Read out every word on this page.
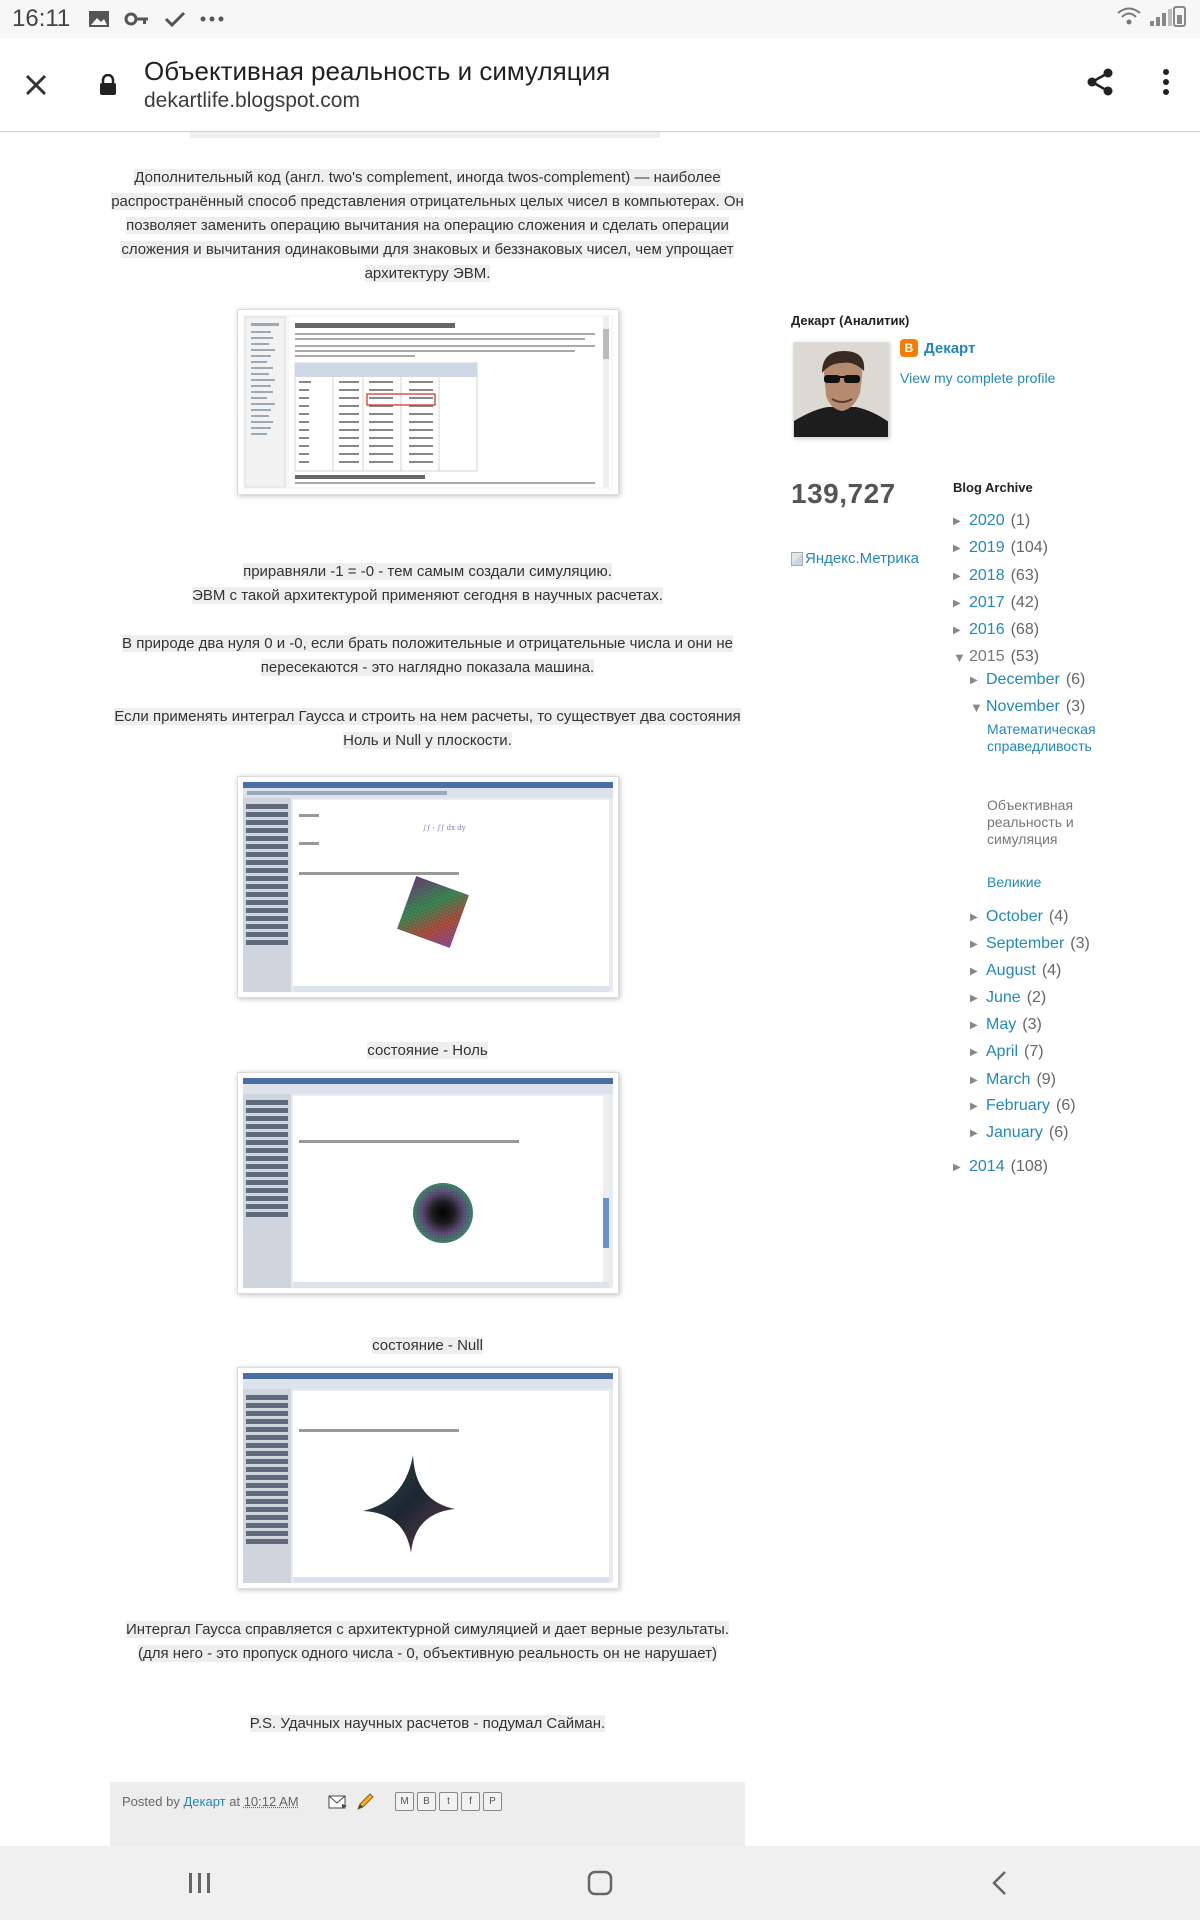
16:11
Объективная реальность и симуляция
dekartlife.blogspot.com
Дополнительный код (англ. two's complement, иногда twos-complement) — наиболее распространённый способ представления отрицательных целых чисел в компьютерах. Он позволяет заменить операцию вычитания на операцию сложения и сделать операции сложения и вычитания одинаковыми для знаковых и беззнаковых чисел, чем упрощает архитектуру ЭВМ.
приравняли -1 = -0 - тем самым создали симуляцию.
ЭВМ с такой архитектурой применяют сегодня в научных расчетах.
В природе два нуля 0 и -0, если брать положительные и отрицательные числа и они не пересекаются - это наглядно показала машина.
Если применять интеграл Гаусса и строить на нем расчеты, то существует два состояния Ноль и Null у плоскости.
∫∫ - ∫∫ dx dy
состояние - Ноль
состояние - Null
Интергал Гаусса справляется с архитектурной симуляцией и дает верные результаты.
(для него - это пропуск одного числа - 0, объективную реальность он не нарушает)
P.S. Удачных научных расчетов - подумал Сайман.
Posted by Декарт at 10:12 AM	M	B	t	f	P
Декарт (Аналитик)
B Декарт
View my complete profile
139,727
Яндекс.Метрика
Blog Archive
▶ 2020 (1)
▶ 2019 (104)
▶ 2018 (63)
▶ 2017 (42)
▶ 2016 (68)
▼ 2015 (53)
▶ December (6)
▼ November (3)
Математическая справедливость
Объективная реальность и симуляция
Великие
▶ October (4)
▶ September (3)
▶ August (4)
▶ June (2)
▶ May (3)
▶ April (7)
▶ March (9)
▶ February (6)
▶ January (6)
▶ 2014 (108)
